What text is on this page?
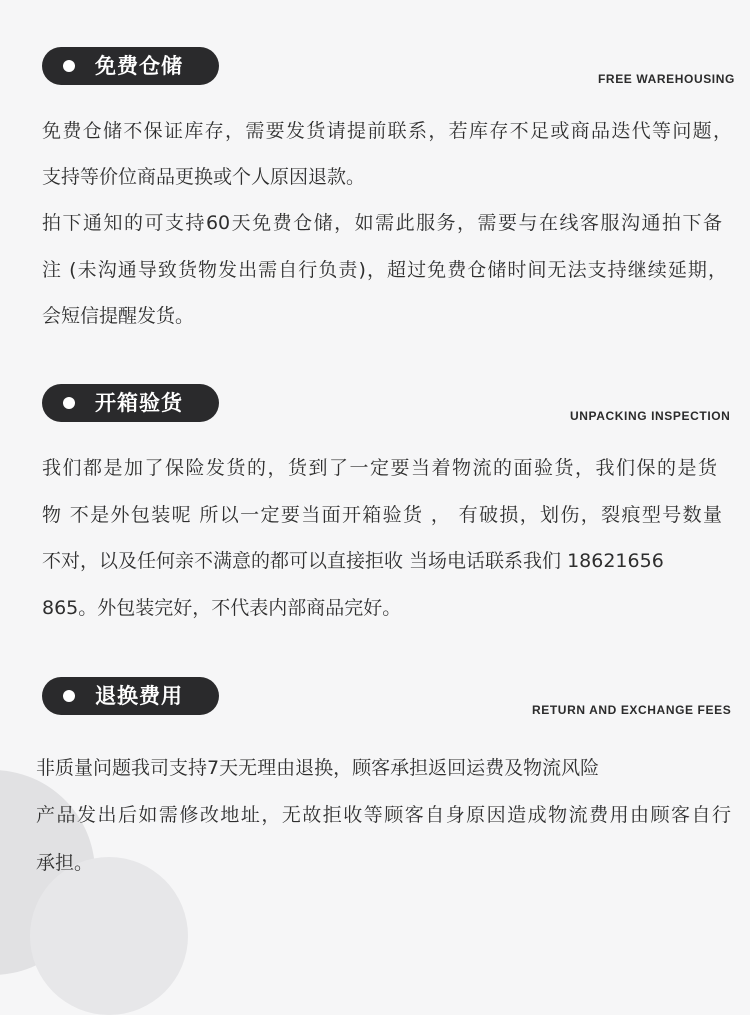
免费仓储
FREE WAREHOUSING
免费仓储不保证库存，需要发货请提前联系，若库存不足或商品迭代等问题，
支持等价位商品更换或个人原因退款。
拍下通知的可支持60天免费仓储，如需此服务，需要与在线客服沟通拍下备
注 (未沟通导致货物发出需自行负责)，超过免费仓储时间无法支持继续延期，
会短信提醒发货。
开箱验货
UNPACKING INSPECTION
我们都是加了保险发货的，货到了一定要当着物流的面验货，我们保的是货
物 不是外包装呢 所以一定要当面开箱验货 ， 有破损，划伤，裂痕型号数量
不对，以及任何亲不满意的都可以直接拒收 当场电话联系我们 18621656
865。外包装完好，不代表内部商品完好。
退换费用
RETURN AND EXCHANGE FEES
非质量问题我司支持7天无理由退换，顾客承担返回运费及物流风险
产品发出后如需修改地址，无故拒收等顾客自身原因造成物流费用由顾客自行
承担。
